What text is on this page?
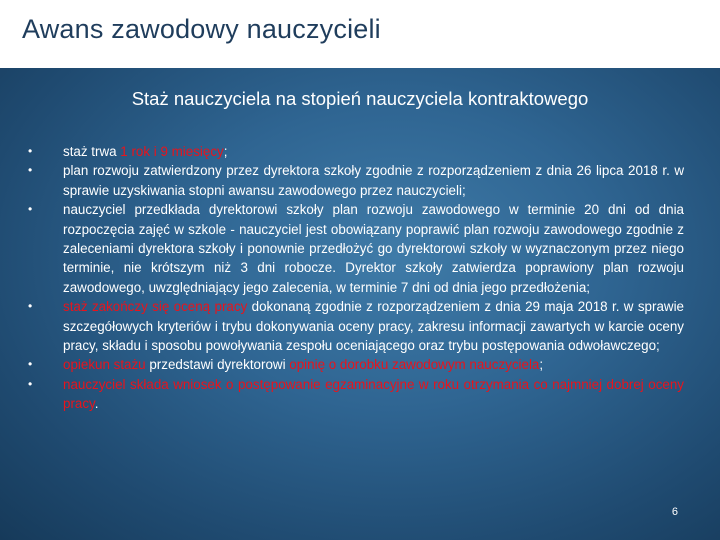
Awans zawodowy nauczycieli
Staż nauczyciela na stopień nauczyciela kontraktowego
•	staż trwa 1 rok i 9 miesięcy;
•	plan rozwoju zatwierdzony przez dyrektora szkoły zgodnie z rozporządzeniem z dnia 26 lipca 2018 r. w sprawie uzyskiwania stopni awansu zawodowego przez nauczycieli;
•	nauczyciel przedkłada dyrektorowi szkoły plan rozwoju zawodowego w terminie 20 dni od dnia rozpoczęcia zajęć w szkole - nauczyciel jest obowiązany poprawić plan rozwoju zawodowego zgodnie z zaleceniami dyrektora szkoły i ponownie przedłożyć go dyrektorowi szkoły w wyznaczonym przez niego terminie, nie krótszym niż 3 dni robocze. Dyrektor szkoły zatwierdza poprawiony plan rozwoju zawodowego, uwzględniający jego zalecenia, w terminie 7 dni od dnia jego przedłożenia;
•	staż zakończy się oceną pracy dokonaną zgodnie z rozporządzeniem z dnia 29 maja 2018 r. w sprawie szczegółowych kryteriów i trybu dokonywania oceny pracy, zakresu informacji zawartych w karcie oceny pracy, składu i sposobu powoływania zespołu oceniającego oraz trybu postępowania odwoławczego;
•	opiekun stażu przedstawi dyrektorowi opinię o dorobku zawodowym nauczyciela;
•	nauczyciel składa wniosek o postępowanie egzaminacyjne w roku otrzymania co najmniej dobrej oceny pracy.
6
